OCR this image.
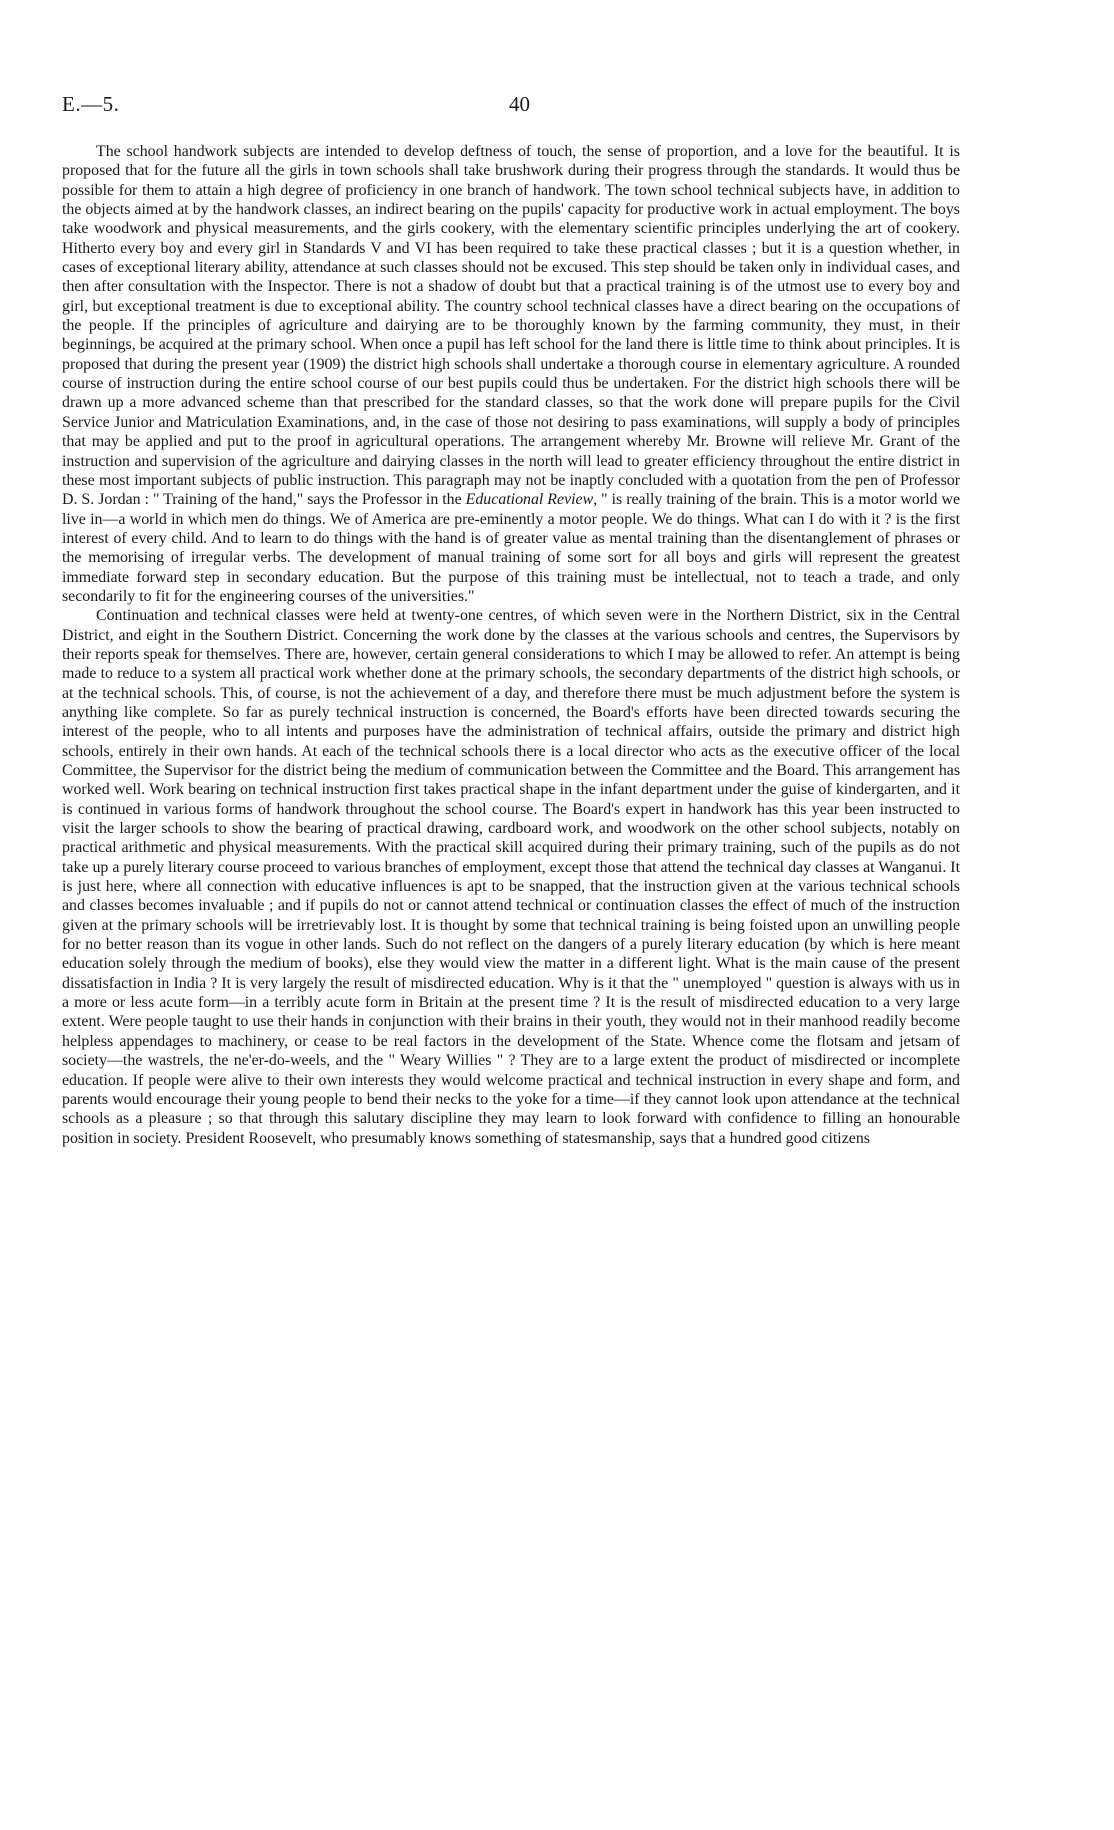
E.—5.	40

The school handwork subjects are intended to develop deftness of touch, the sense of proportion, and a love for the beautiful. It is proposed that for the future all the girls in town schools shall take brushwork during their progress through the standards. It would thus be possible for them to attain a high degree of proficiency in one branch of handwork. The town school technical subjects have, in addition to the objects aimed at by the handwork classes, an indirect bearing on the pupils' capacity for productive work in actual employment. The boys take woodwork and physical measurements, and the girls cookery, with the elementary scientific principles underlying the art of cookery. Hitherto every boy and every girl in Standards V and VI has been required to take these practical classes ; but it is a question whether, in cases of exceptional literary ability, attendance at such classes should not be excused. This step should be taken only in individual cases, and then after consultation with the Inspector. There is not a shadow of doubt but that a practical training is of the utmost use to every boy and girl, but exceptional treatment is due to exceptional ability. The country school technical classes have a direct bearing on the occupations of the people. If the principles of agriculture and dairying are to be thoroughly known by the farming community, they must, in their beginnings, be acquired at the primary school. When once a pupil has left school for the land there is little time to think about principles. It is proposed that during the present year (1909) the district high schools shall undertake a thorough course in elementary agriculture. A rounded course of instruction during the entire school course of our best pupils could thus be undertaken. For the district high schools there will be drawn up a more advanced scheme than that prescribed for the standard classes, so that the work done will prepare pupils for the Civil Service Junior and Matriculation Examinations, and, in the case of those not desiring to pass examinations, will supply a body of principles that may be applied and put to the proof in agricultural operations. The arrangement whereby Mr. Browne will relieve Mr. Grant of the instruction and supervision of the agriculture and dairying classes in the north will lead to greater efficiency throughout the entire district in these most important subjects of public instruction. This paragraph may not be inaptly concluded with a quotation from the pen of Professor D. S. Jordan : " Training of the hand," says the Professor in the Educational Review, " is really training of the brain. This is a motor world we live in—a world in which men do things. We of America are pre-eminently a motor people. We do things. What can I do with it ? is the first interest of every child. And to learn to do things with the hand is of greater value as mental training than the disentanglement of phrases or the memorising of irregular verbs. The development of manual training of some sort for all boys and girls will represent the greatest immediate forward step in secondary education. But the purpose of this training must be intellectual, not to teach a trade, and only secondarily to fit for the engineering courses of the universities."

Continuation and technical classes were held at twenty-one centres, of which seven were in the Northern District, six in the Central District, and eight in the Southern District. Concerning the work done by the classes at the various schools and centres, the Supervisors by their reports speak for themselves. There are, however, certain general considerations to which I may be allowed to refer. An attempt is being made to reduce to a system all practical work whether done at the primary schools, the secondary departments of the district high schools, or at the technical schools. This, of course, is not the achievement of a day, and therefore there must be much adjustment before the system is anything like complete. So far as purely technical instruction is concerned, the Board's efforts have been directed towards securing the interest of the people, who to all intents and purposes have the administration of technical affairs, outside the primary and district high schools, entirely in their own hands. At each of the technical schools there is a local director who acts as the executive officer of the local Committee, the Supervisor for the district being the medium of communication between the Committee and the Board. This arrangement has worked well. Work bearing on technical instruction first takes practical shape in the infant department under the guise of kindergarten, and it is continued in various forms of handwork throughout the school course. The Board's expert in handwork has this year been instructed to visit the larger schools to show the bearing of practical drawing, cardboard work, and woodwork on the other school subjects, notably on practical arithmetic and physical measurements. With the practical skill acquired during their primary training, such of the pupils as do not take up a purely literary course proceed to various branches of employment, except those that attend the technical day classes at Wanganui. It is just here, where all connection with educative influences is apt to be snapped, that the instruction given at the various technical schools and classes becomes invaluable ; and if pupils do not or cannot attend technical or continuation classes the effect of much of the instruction given at the primary schools will be irretrievably lost. It is thought by some that technical training is being foisted upon an unwilling people for no better reason than its vogue in other lands. Such do not reflect on the dangers of a purely literary education (by which is here meant education solely through the medium of books), else they would view the matter in a different light. What is the main cause of the present dissatisfaction in India ? It is very largely the result of misdirected education. Why is it that the " unemployed " question is always with us in a more or less acute form—in a terribly acute form in Britain at the present time ? It is the result of misdirected education to a very large extent. Were people taught to use their hands in conjunction with their brains in their youth, they would not in their manhood readily become helpless appendages to machinery, or cease to be real factors in the development of the State. Whence come the flotsam and jetsam of society—the wastrels, the ne'er-do-weels, and the " Weary Willies " ? They are to a large extent the product of misdirected or incomplete education. If people were alive to their own interests they would welcome practical and technical instruction in every shape and form, and parents would encourage their young people to bend their necks to the yoke for a time—if they cannot look upon attendance at the technical schools as a pleasure ; so that through this salutary discipline they may learn to look forward with confidence to filling an honourable position in society. President Roosevelt, who presumably knows something of statesmanship, says that a hundred good citizens
